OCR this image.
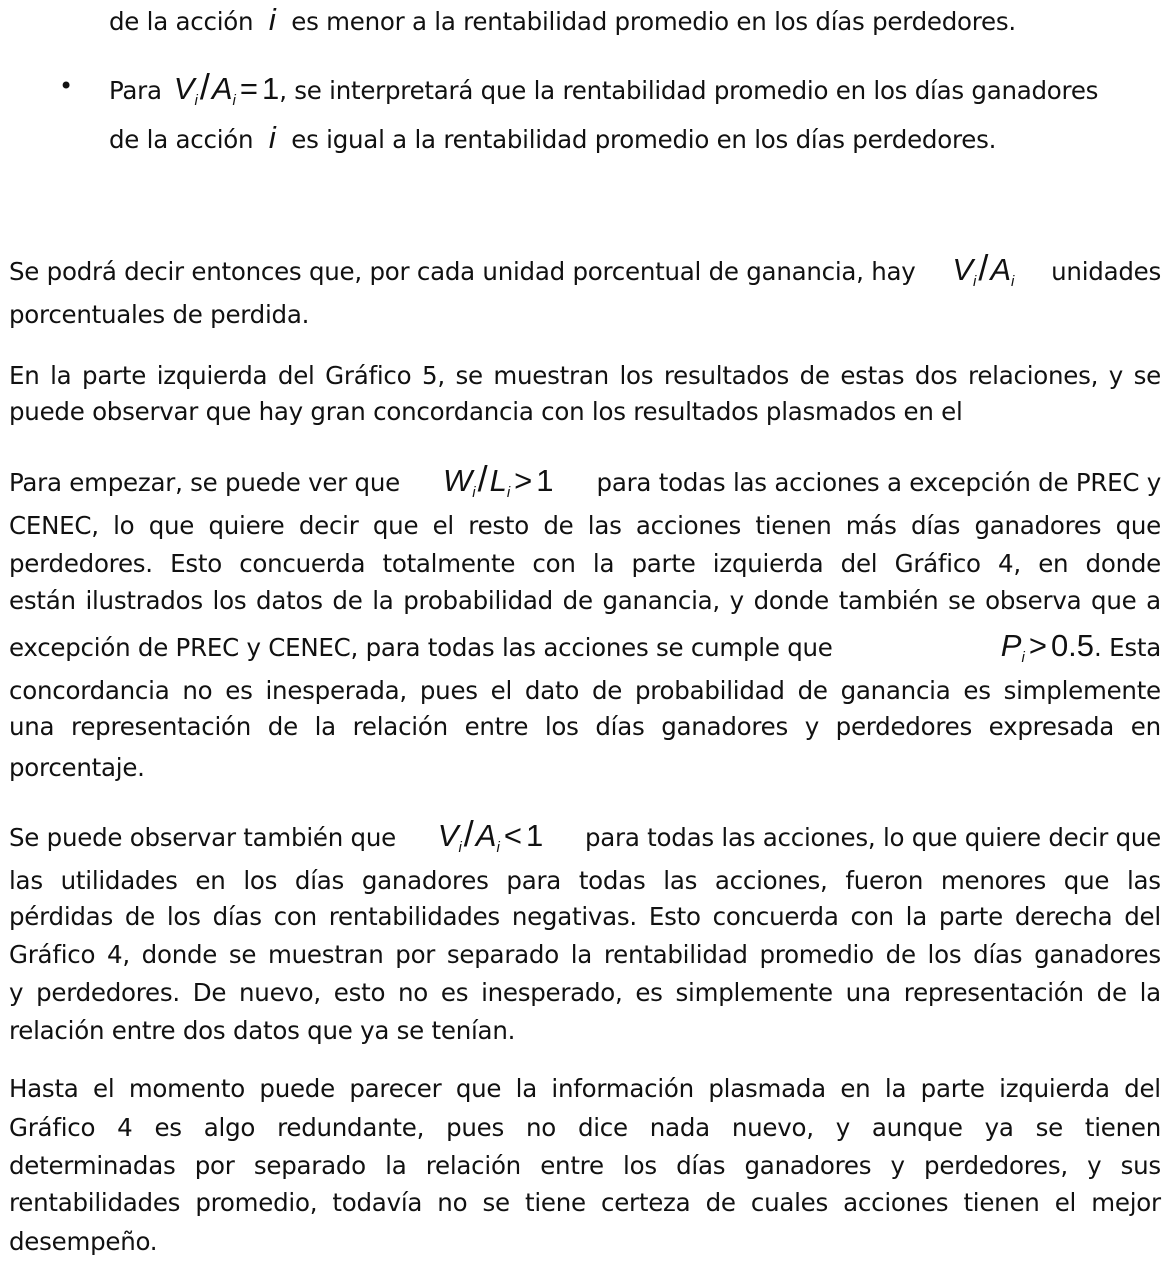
de la acción i es menor a la rentabilidad promedio en los días perdedores.
• Para $V_i/A_i = 1$ , se interpretará que la rentabilidad promedio en los días ganadores
de la acción i es igual a la rentabilidad promedio en los días perdedores.
Se podrá decir entonces que, por cada unidad porcentual de ganancia, hay $V_i/A_i$ unidades
porcentuales de perdida.
En la parte izquierda del Gráfico 5, se muestran los resultados de estas dos relaciones, y se
puede observar que hay gran concordancia con los resultados plasmados en el
Para empezar, se puede ver que $W_i/L_i > 1$ para todas las acciones a excepción de PREC y
CENEC, lo que quiere decir que el resto de las acciones tienen más días ganadores que
perdedores. Esto concuerda totalmente con la parte izquierda del Gráfico 4, en donde
están ilustrados los datos de la probabilidad de ganancia, y donde también se observa que a
excepción de PREC y CENEC, para todas las acciones se cumple que	$P_i > 0.5$ . Esta
concordancia no es inesperada, pues el dato de probabilidad de ganancia es simplemente
una representación de la relación entre los días ganadores y perdedores expresada en
porcentaje.
Se puede observar también que $V_i/A_i < 1$ para todas las acciones, lo que quiere decir que
las utilidades en los días ganadores para todas las acciones, fueron menores que las
pérdidas de los días con rentabilidades negativas. Esto concuerda con la parte derecha del
Gráfico 4, donde se muestran por separado la rentabilidad promedio de los días ganadores
y perdedores. De nuevo, esto no es inesperado, es simplemente una representación de la
relación entre dos datos que ya se tenían.
Hasta el momento puede parecer que la información plasmada en la parte izquierda del
Gráfico 4 es algo redundante, pues no dice nada nuevo, y aunque ya se tienen
determinadas por separado la relación entre los días ganadores y perdedores, y sus
rentabilidades promedio, todavía no se tiene certeza de cuales acciones tienen el mejor
desempeño.
